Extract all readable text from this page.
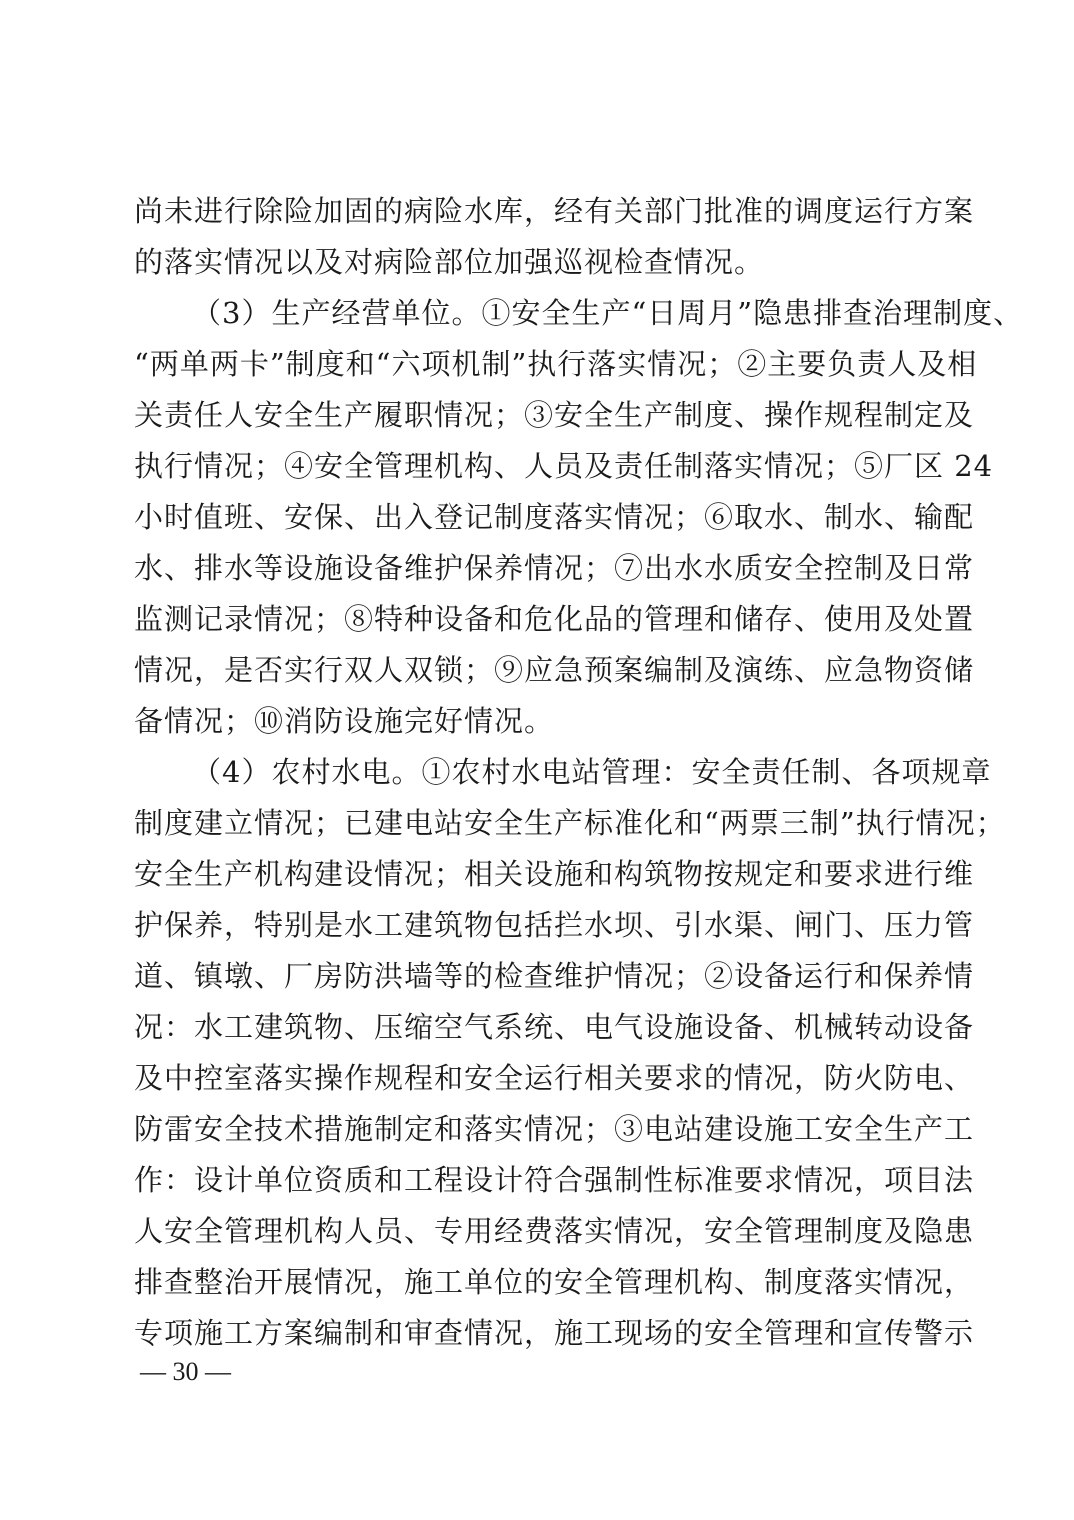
尚未进行除险加固的病险水库，经有关部门批准的调度运行方案
的落实情况以及对病险部位加强巡视检查情况。
（3）生产经营单位。①安全生产“日周月”隐患排查治理制度、
“两单两卡”制度和“六项机制”执行落实情况；②主要负责人及相
关责任人安全生产履职情况；③安全生产制度、操作规程制定及
执行情况；④安全管理机构、人员及责任制落实情况；⑤厂区 24
小时值班、安保、出入登记制度落实情况；⑥取水、制水、输配
水、排水等设施设备维护保养情况；⑦出水水质安全控制及日常
监测记录情况；⑧特种设备和危化品的管理和储存、使用及处置
情况，是否实行双人双锁；⑨应急预案编制及演练、应急物资储
备情况；⑩消防设施完好情况。
（4）农村水电。①农村水电站管理：安全责任制、各项规章
制度建立情况；已建电站安全生产标准化和“两票三制”执行情况；
安全生产机构建设情况；相关设施和构筑物按规定和要求进行维
护保养，特别是水工建筑物包括拦水坝、引水渠、闸门、压力管
道、镇墩、厂房防洪墙等的检查维护情况；②设备运行和保养情
况：水工建筑物、压缩空气系统、电气设施设备、机械转动设备
及中控室落实操作规程和安全运行相关要求的情况，防火防电、
防雷安全技术措施制定和落实情况；③电站建设施工安全生产工
作：设计单位资质和工程设计符合强制性标准要求情况，项目法
人安全管理机构人员、专用经费落实情况，安全管理制度及隐患
排查整治开展情况，施工单位的安全管理机构、制度落实情况，
专项施工方案编制和审查情况，施工现场的安全管理和宣传警示
— 30 —
